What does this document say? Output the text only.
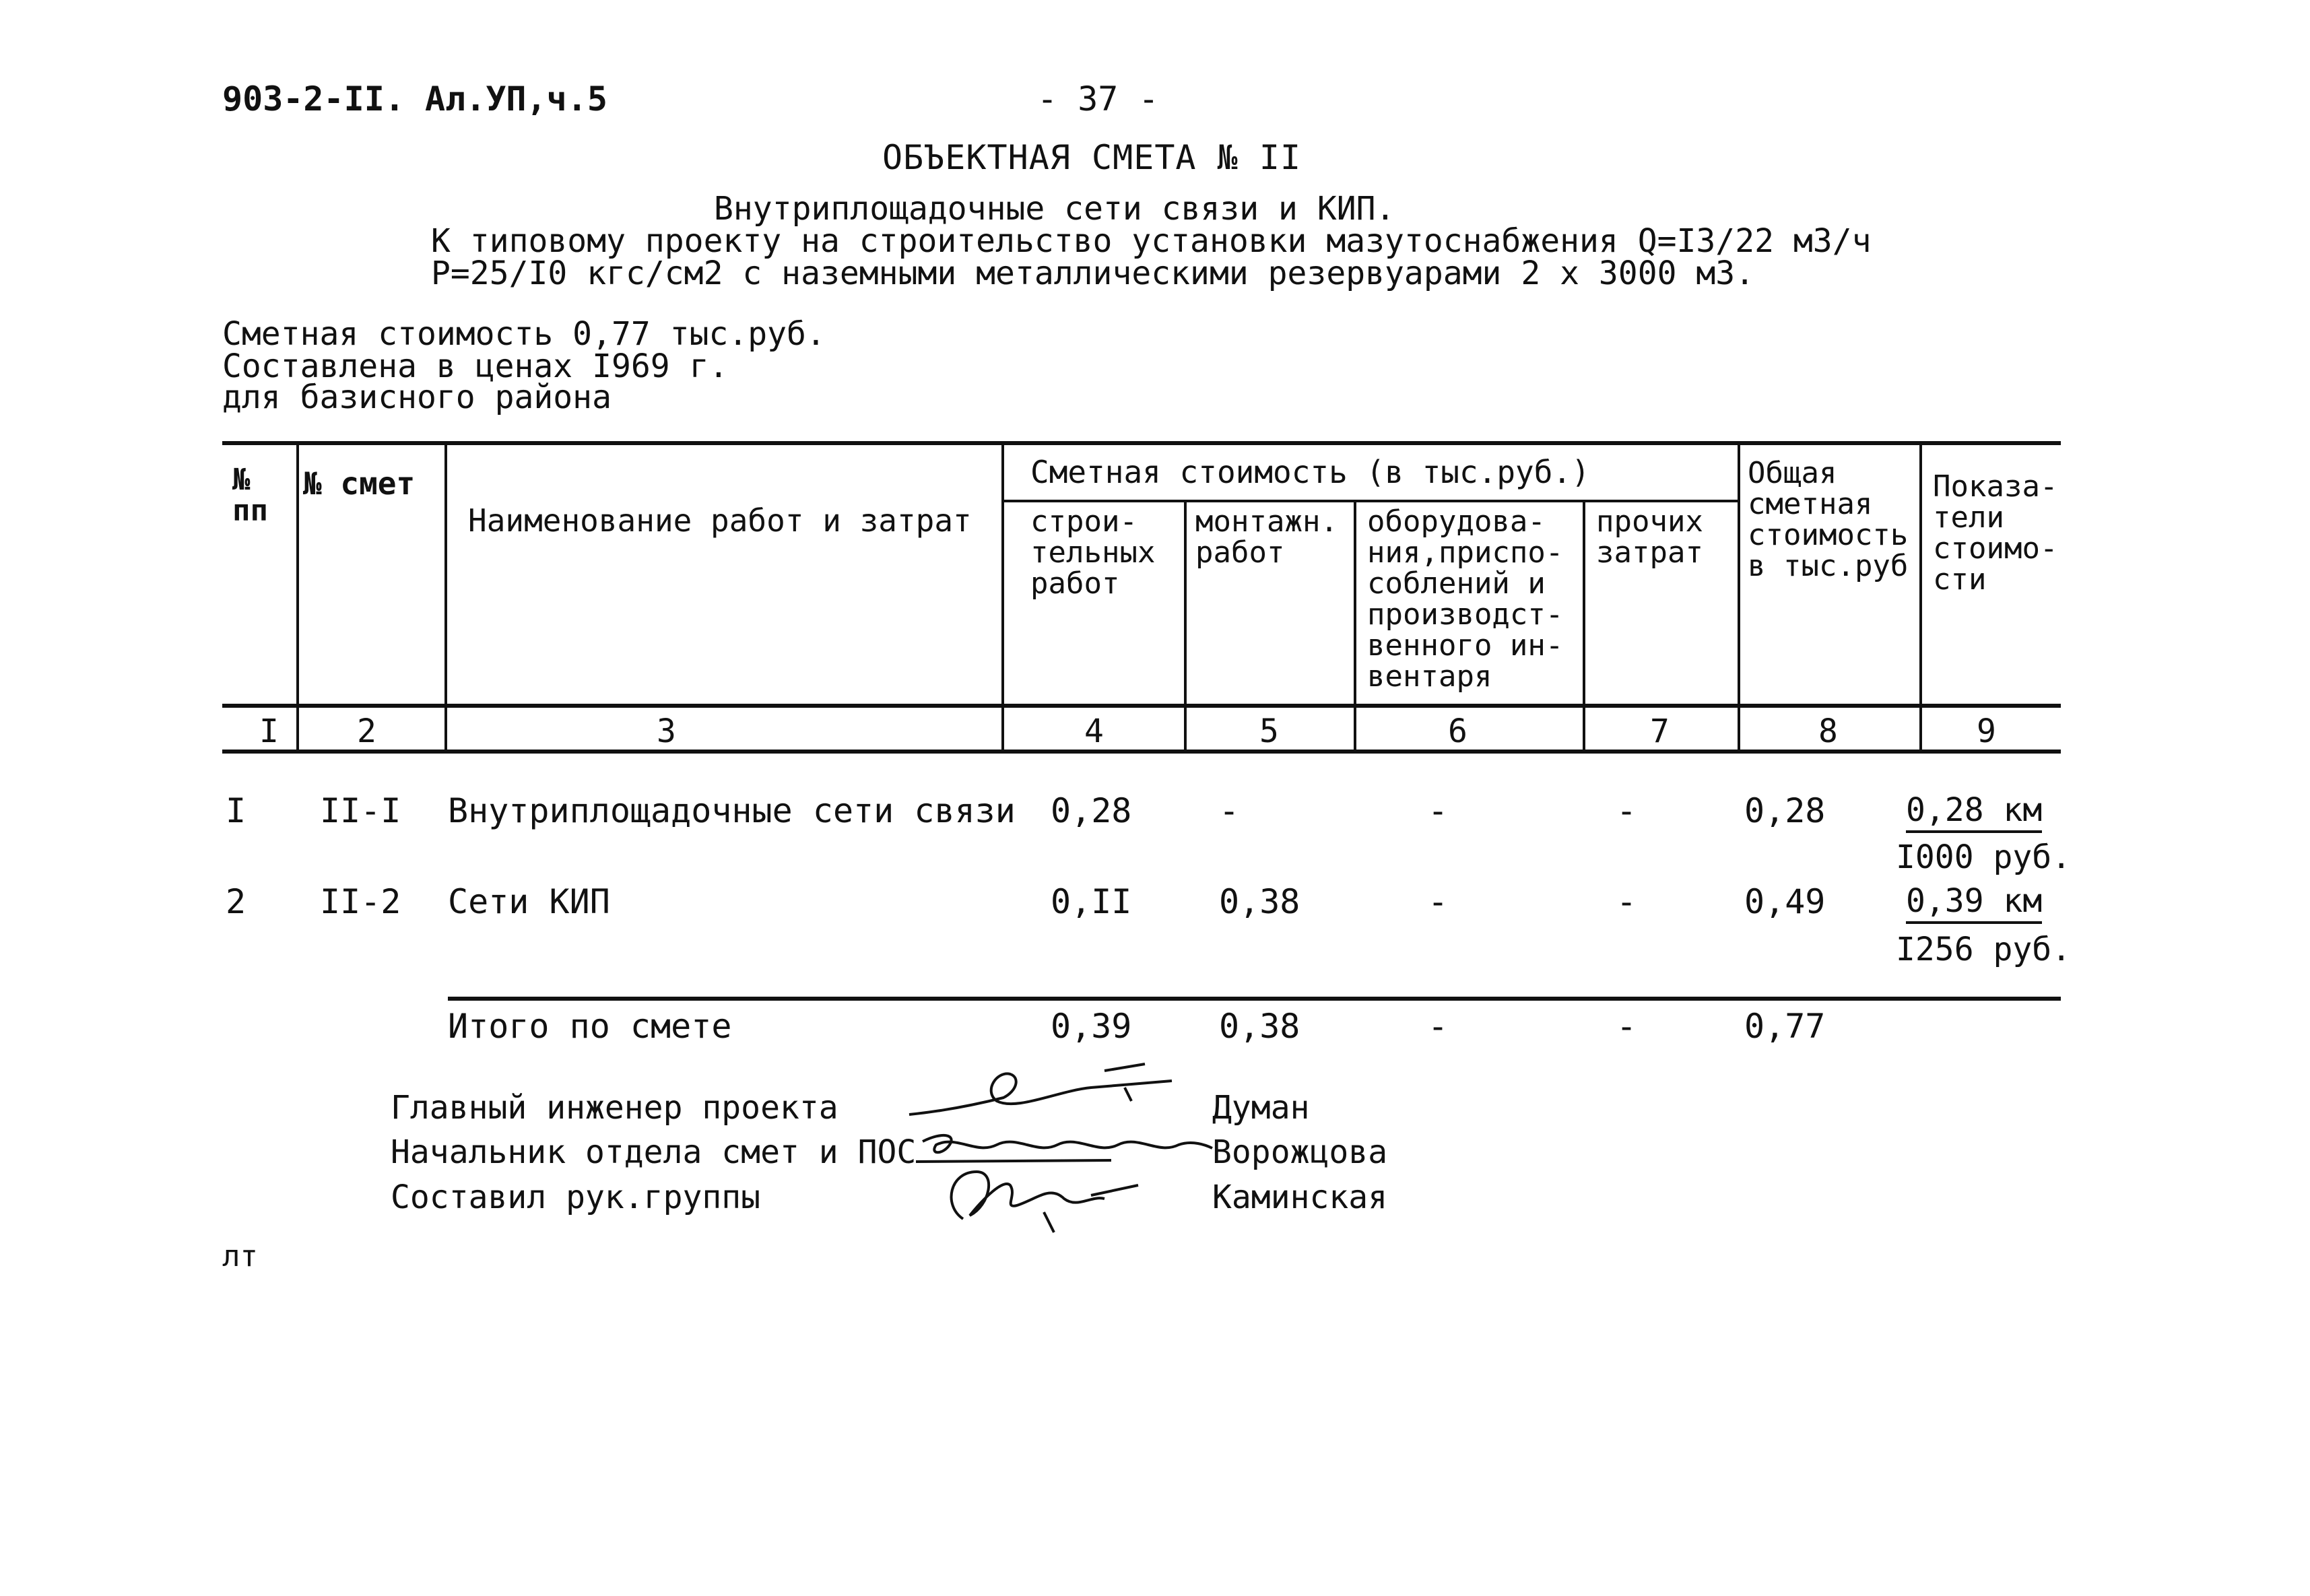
903-2-II. Ал.УП,ч.5	- 37 -
ОБЪЕКТНАЯ СМЕТА № II
Внутриплощадочные сети связи и КИП.
К типовому проекту на строительство установки мазутоснабжения Q=I3/22 м3/ч
P=25/I0 кгс/см2 с наземными металлическими резервуарами 2 х 3000 м3.
Сметная стоимость 0,77 тыс.руб.
Составлена в ценах I969 г.
для базисного района
№ пп
№ смет
Наименование работ и затрат
Сметная стоимость (в тыс.руб.)
строи- тельных работ
монтажн. работ
оборудова- ния,приспо- соблений и производст- венного ин- вентаря
прочих затрат
Общая сметная стоимость в тыс.руб
Показа- тели стоимо- сти
I 2	3	4	5	6	7	8	9
I II-I Внутриплощадочные сети связи 0,28	-	-	-	0,28 0,28 км
I000 руб.
2 II-2 Сети КИП	0,II	0,38	-	-	0,49 0,39 км
I256 руб.
Итого по смете	0,39	0,38	-	-	0,77
Главный инженер проекта	Думан
Начальник отдела смет и ПОС	Ворожцова
Составил рук.группы	Каминская
лт
